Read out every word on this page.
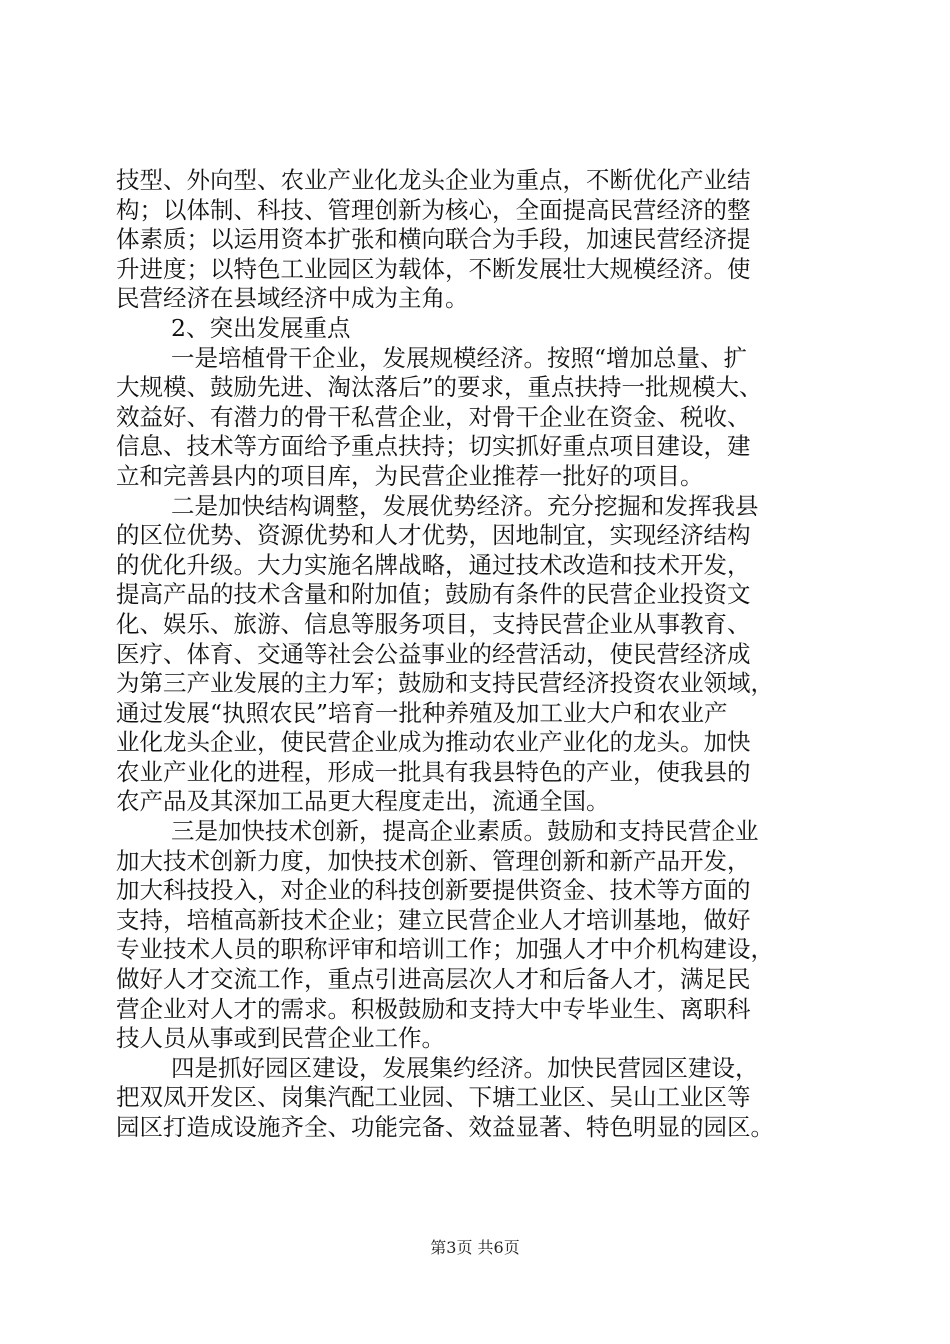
技型、外向型、农业产业化龙头企业为重点，不断优化产业结
构；以体制、科技、管理创新为核心，全面提高民营经济的整
体素质；以运用资本扩张和横向联合为手段，加速民营经济提
升进度；以特色工业园区为载体，不断发展壮大规模经济。使
民营经济在县域经济中成为主角。
2、突出发展重点
一是培植骨干企业，发展规模经济。按照“增加总量、扩
大规模、鼓励先进、淘汰落后”的要求，重点扶持一批规模大、
效益好、有潜力的骨干私营企业，对骨干企业在资金、税收、
信息、技术等方面给予重点扶持；切实抓好重点项目建设，建
立和完善县内的项目库，为民营企业推荐一批好的项目。
二是加快结构调整，发展优势经济。充分挖掘和发挥我县
的区位优势、资源优势和人才优势，因地制宜，实现经济结构
的优化升级。大力实施名牌战略，通过技术改造和技术开发，
提高产品的技术含量和附加值；鼓励有条件的民营企业投资文
化、娱乐、旅游、信息等服务项目，支持民营企业从事教育、
医疗、体育、交通等社会公益事业的经营活动，使民营经济成
为第三产业发展的主力军；鼓励和支持民营经济投资农业领域，
通过发展“执照农民”培育一批种养殖及加工业大户和农业产
业化龙头企业，使民营企业成为推动农业产业化的龙头。加快
农业产业化的进程，形成一批具有我县特色的产业，使我县的
农产品及其深加工品更大程度走出，流通全国。
三是加快技术创新，提高企业素质。鼓励和支持民营企业
加大技术创新力度，加快技术创新、管理创新和新产品开发，
加大科技投入，对企业的科技创新要提供资金、技术等方面的
支持，培植高新技术企业；建立民营企业人才培训基地，做好
专业技术人员的职称评审和培训工作；加强人才中介机构建设，
做好人才交流工作，重点引进高层次人才和后备人才，满足民
营企业对人才的需求。积极鼓励和支持大中专毕业生、离职科
技人员从事或到民营企业工作。
四是抓好园区建设，发展集约经济。加快民营园区建设，
把双凤开发区、岗集汽配工业园、下塘工业区、吴山工业区等
园区打造成设施齐全、功能完备、效益显著、特色明显的园区。
第3页 共6页
